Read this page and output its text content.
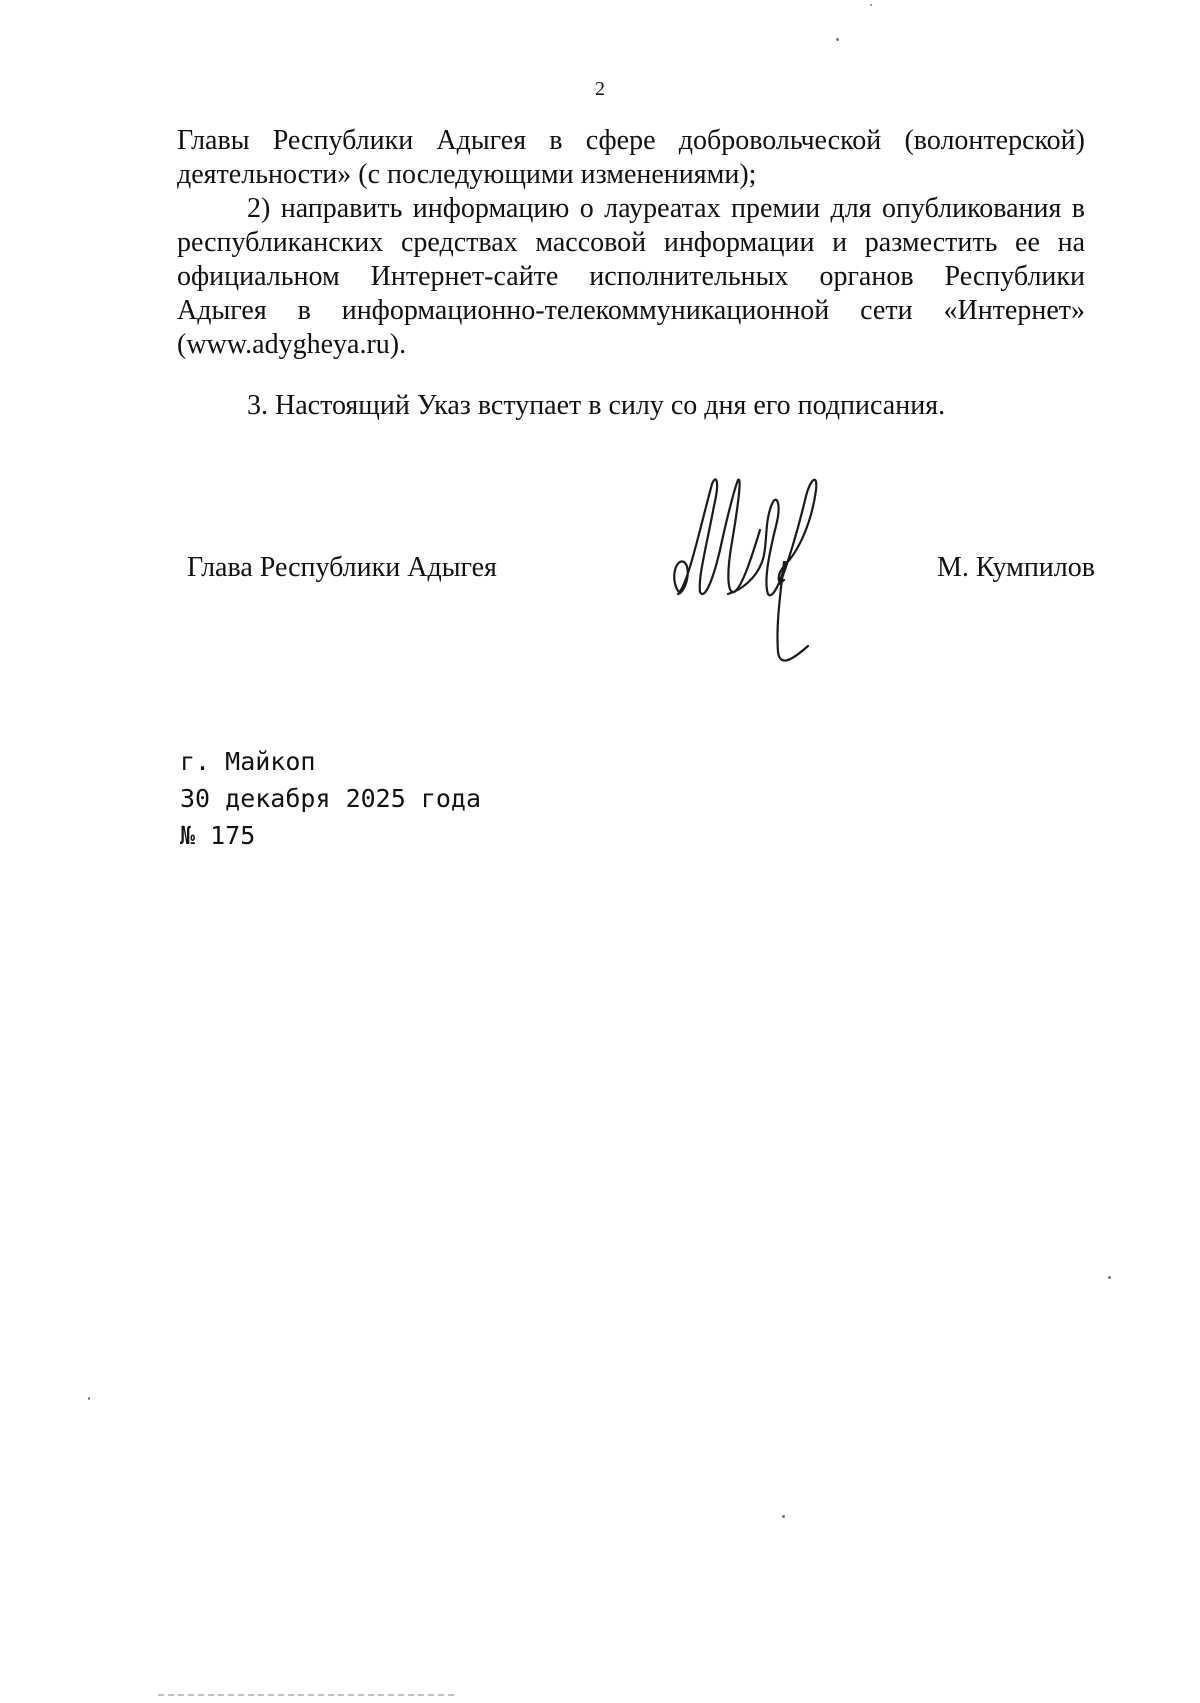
2
Главы Республики Адыгея в сфере добровольческой (волонтерской) деятельности» (с последующими изменениями);
2) направить информацию о лауреатах премии для опубликования в республиканских средствах массовой информации и разместить ее на официальном Интернет-сайте исполнительных органов Республики Адыгея в информационно-телекоммуникационной сети «Интернет» (www.adygheya.ru).
3. Настоящий Указ вступает в силу со дня его подписания.
Глава Республики Адыгея	М. Кумпилов
г. Майкоп
30 декабря 2025 года
№ 175
